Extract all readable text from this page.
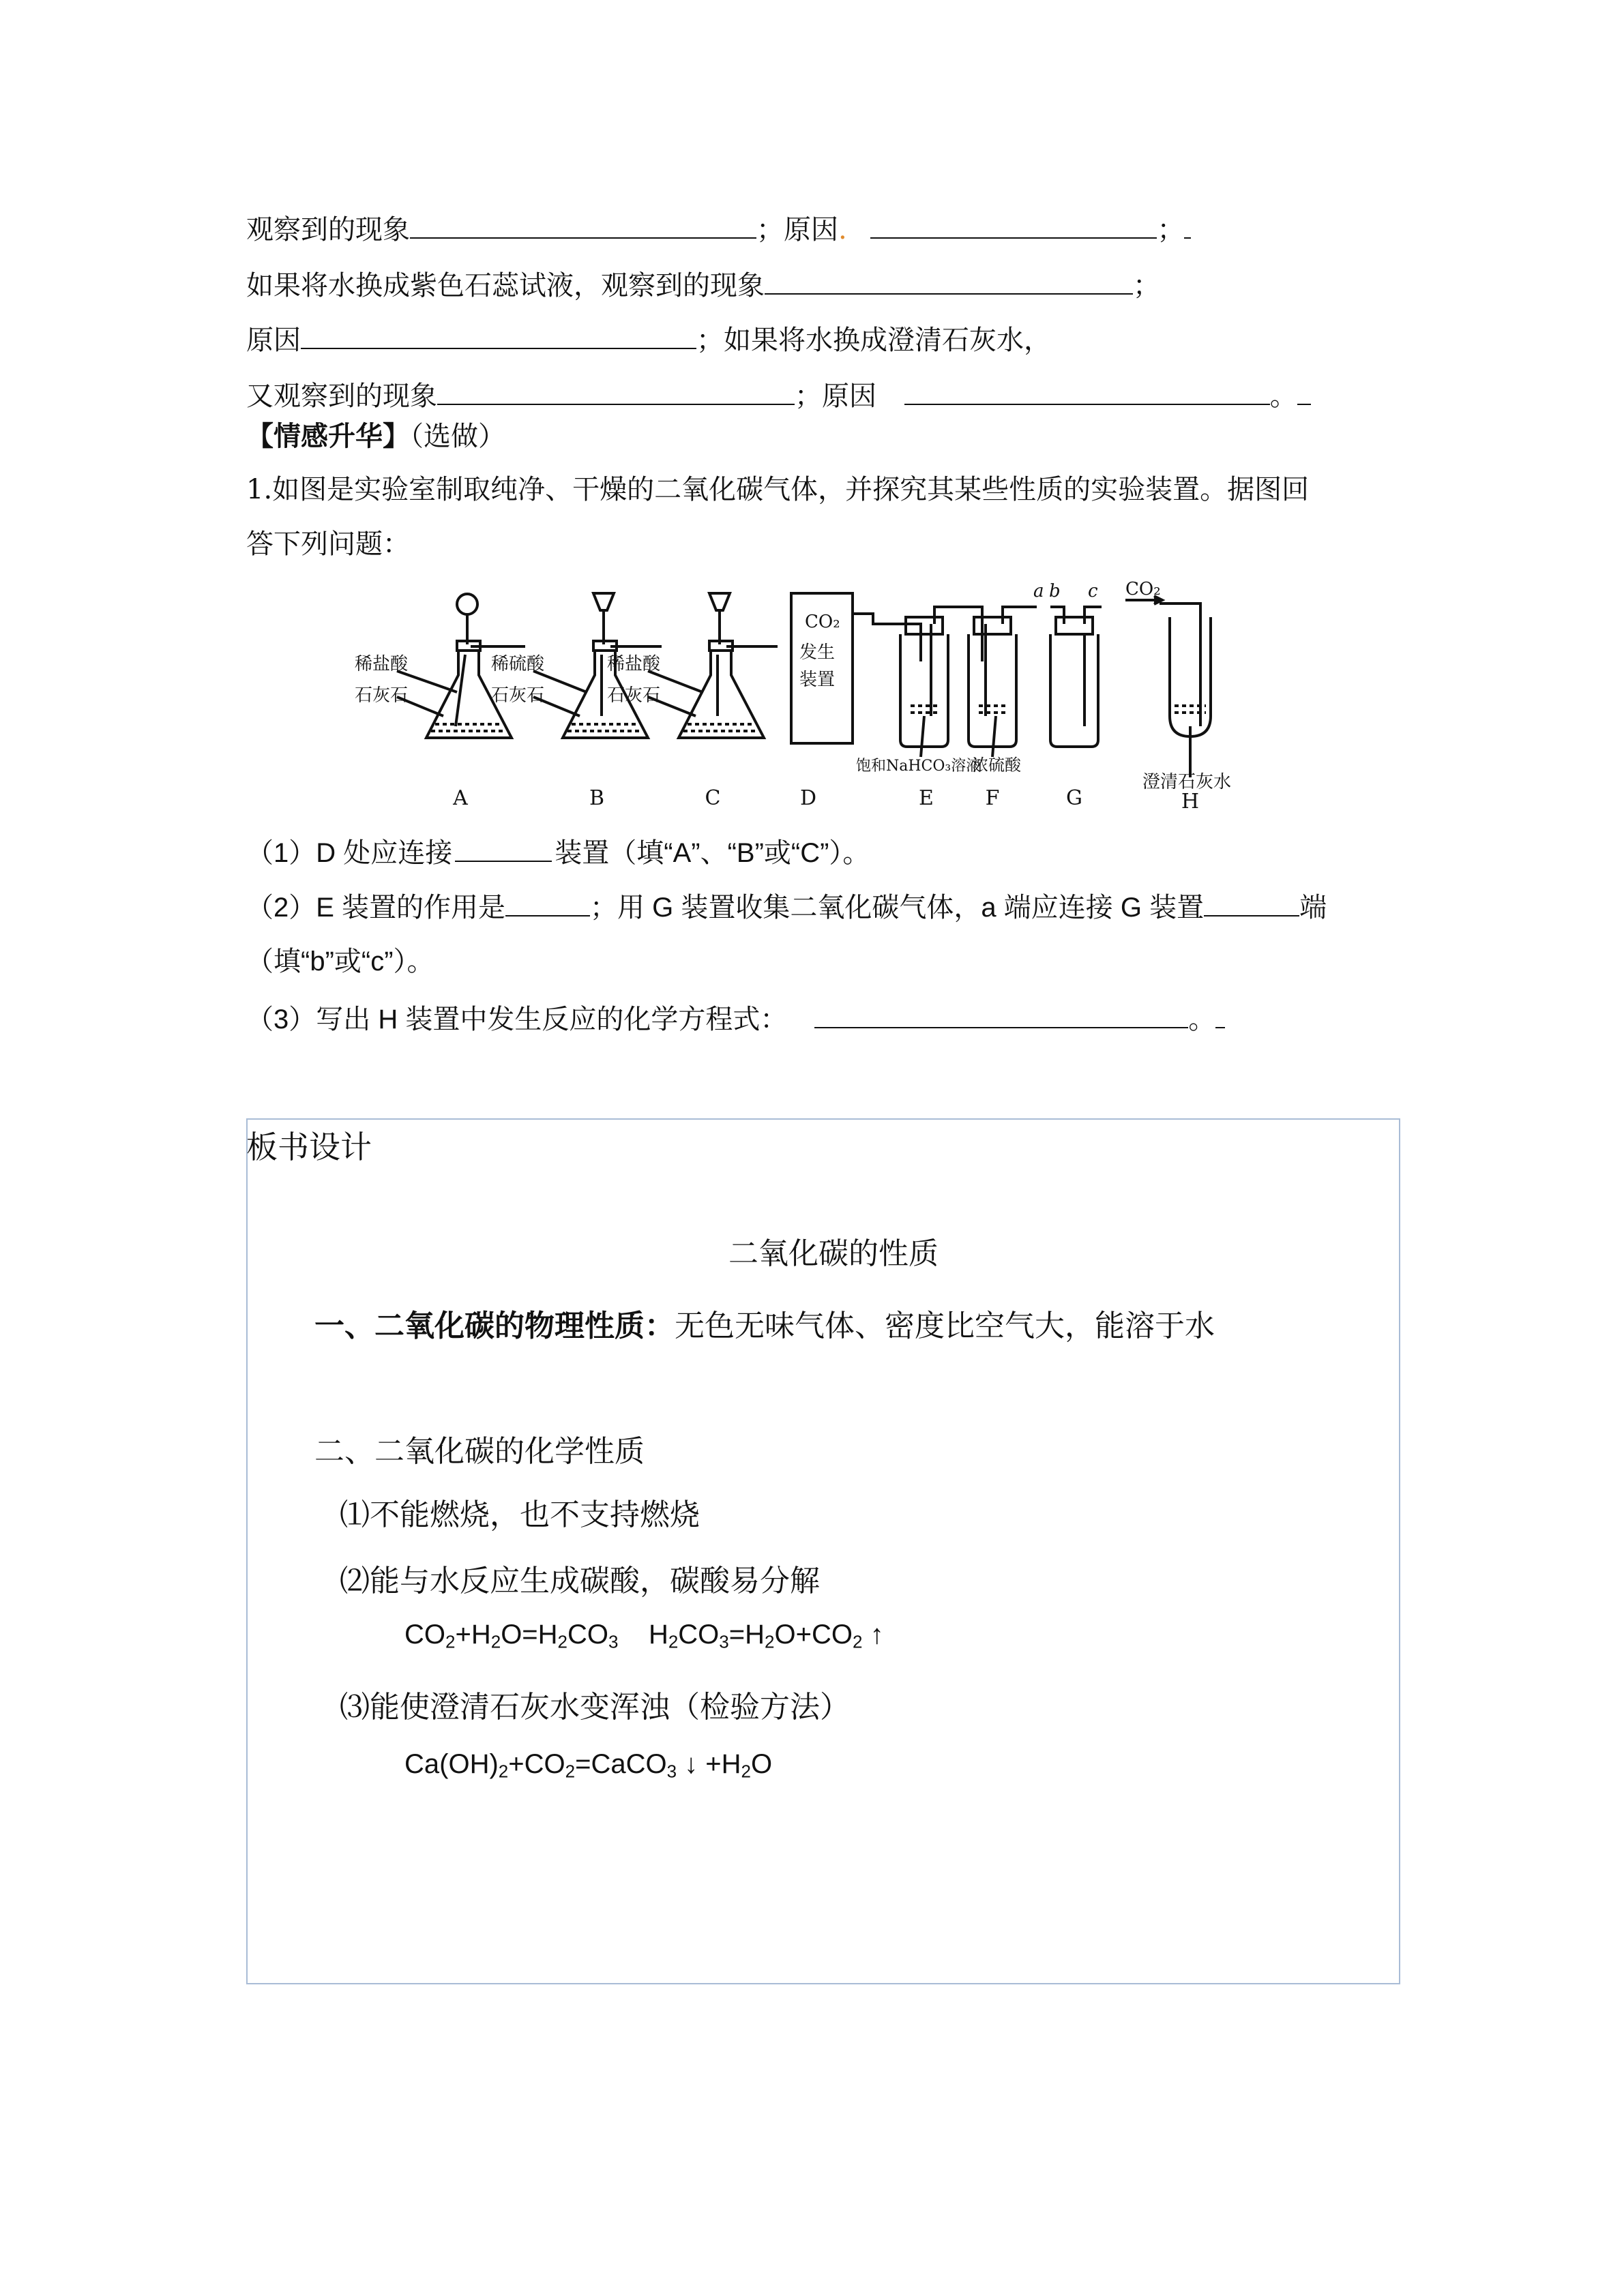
观察到的现象	；原因.	；
如果将水换成紫色石蕊试液，观察到的现象	；
原因	；如果将水换成澄清石灰水，
又观察到的现象	；原因	。
【情感升华】（选做）
1.如图是实验室制取纯净、干燥的二氧化碳气体，并探究其某些性质的实验装置。据图回
答下列问题：
稀盐酸
石灰石
稀硫酸
石灰石
稀盐酸
石灰石
CO₂
发生
装置
CO₂
饱和NaHCO₃溶液
浓硫酸
澄清石灰水
a b c
A	B	C	D	E	F	G	H
（1）D 处应连接	装置（填“A”、“B”或“C”）。
（2）E 装置的作用是	；用 G 装置收集二氧化碳气体，a 端应连接 G 装置	端
（填“b”或“c”）。
（3）写出 H 装置中发生反应的化学方程式：	。
板书设计
二氧化碳的性质
一、二氧化碳的物理性质：无色无味气体、密度比空气大，能溶于水
二、二氧化碳的化学性质
⑴不能燃烧，也不支持燃烧
⑵能与水反应生成碳酸，碳酸易分解
$CO_2+H_2O=H_2CO_3$    $H_2CO_3=H_2O+CO_2$ ↑
⑶能使澄清石灰水变浑浊（检验方法）
$Ca(OH)_2+CO_2=CaCO_3$ ↓ $+H_2O$
